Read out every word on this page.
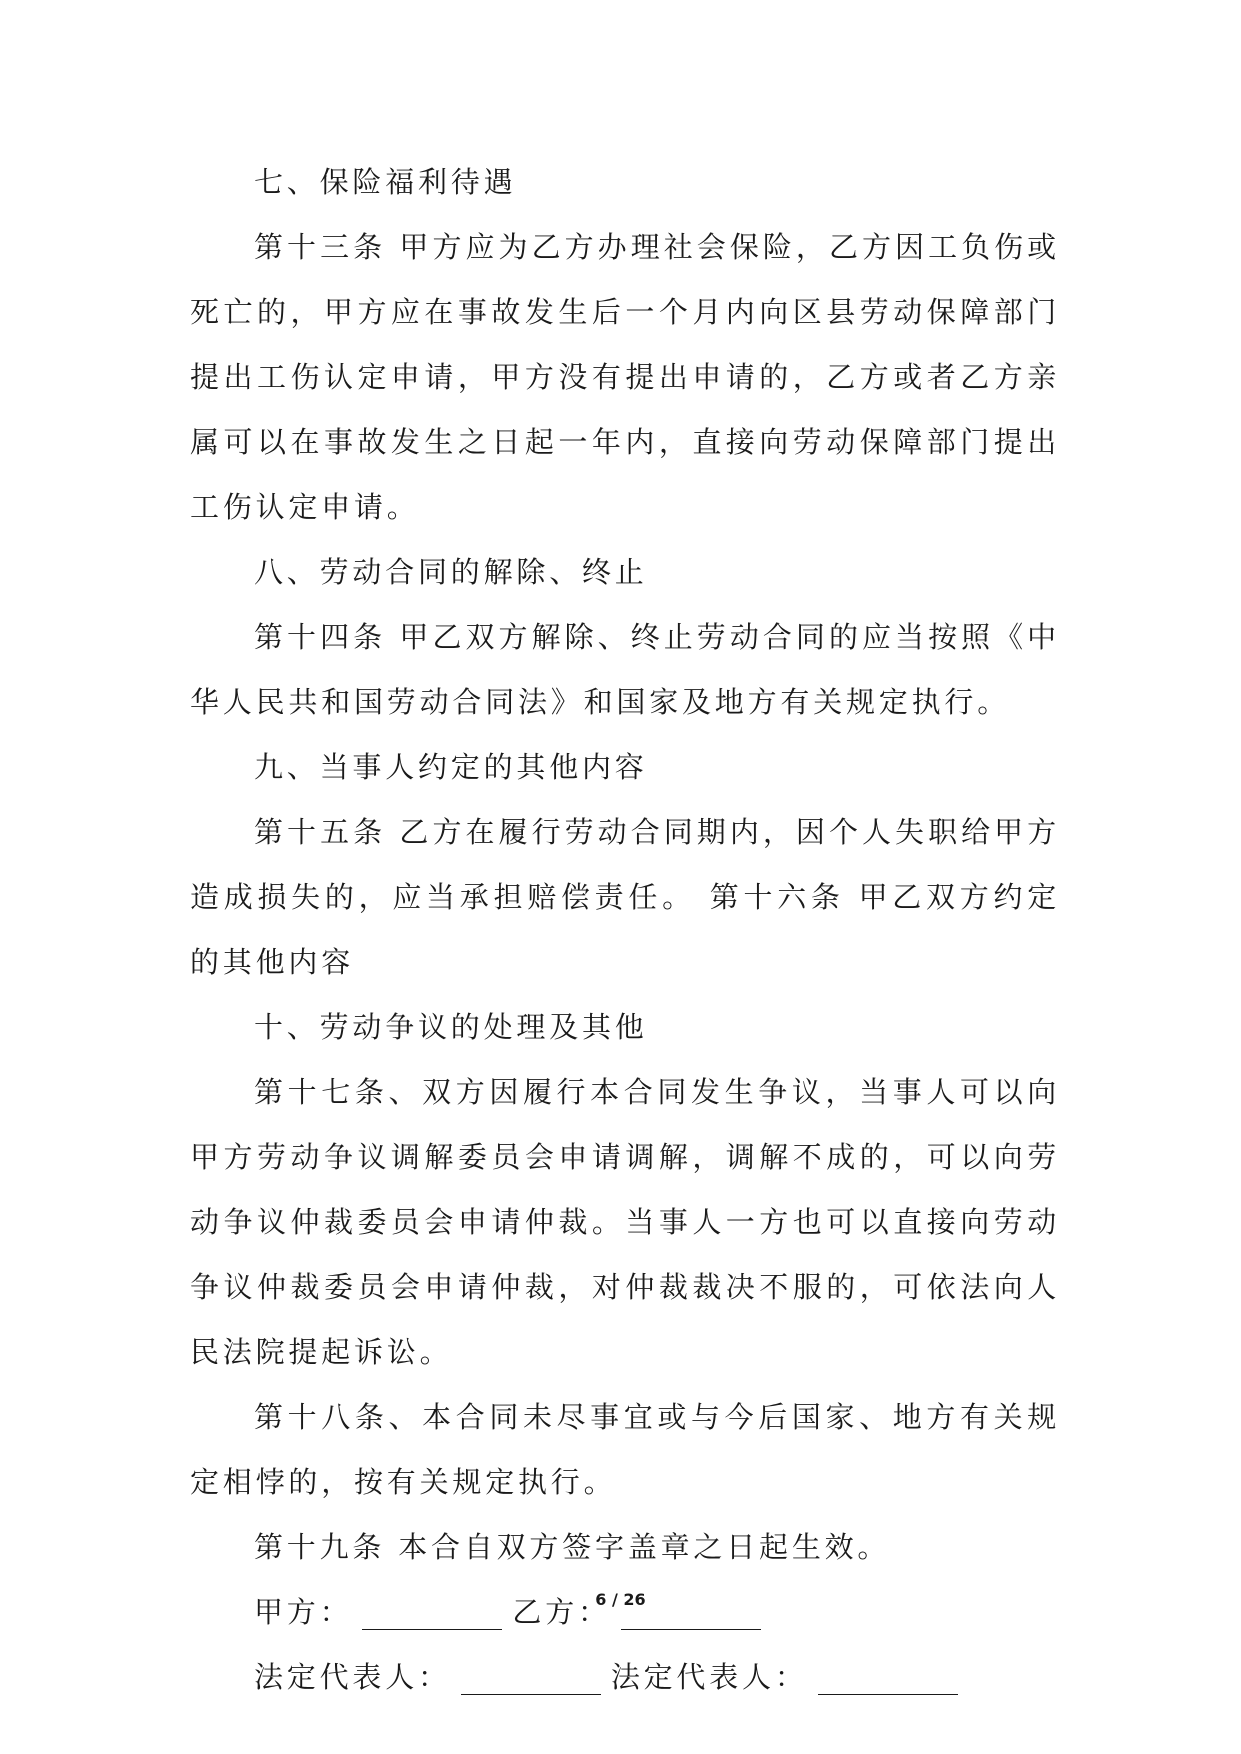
七、保险福利待遇

第十三条 甲方应为乙方办理社会保险，乙方因工负伤或死亡的，甲方应在事故发生后一个月内向区县劳动保障部门提出工伤认定申请，甲方没有提出申请的，乙方或者乙方亲属可以在事故发生之日起一年内，直接向劳动保障部门提出工伤认定申请。

八、劳动合同的解除、终止

第十四条 甲乙双方解除、终止劳动合同的应当按照《中华人民共和国劳动合同法》和国家及地方有关规定执行。

九、当事人约定的其他内容

第十五条 乙方在履行劳动合同期内，因个人失职给甲方造成损失的，应当承担赔偿责任。 第十六条 甲乙双方约定的其他内容

十、劳动争议的处理及其他

第十七条、双方因履行本合同发生争议，当事人可以向甲方劳动争议调解委员会申请调解，调解不成的，可以向劳动争议仲裁委员会申请仲裁。当事人一方也可以直接向劳动争议仲裁委员会申请仲裁，对仲裁裁决不服的，可依法向人民法院提起诉讼。

第十八条、本合同未尽事宜或与今后国家、地方有关规定相悖的，按有关规定执行。

第十九条 本合自双方签字盖章之日起生效。

甲方：	乙方：

法定代表人：	法定代表人：

6 / 26
